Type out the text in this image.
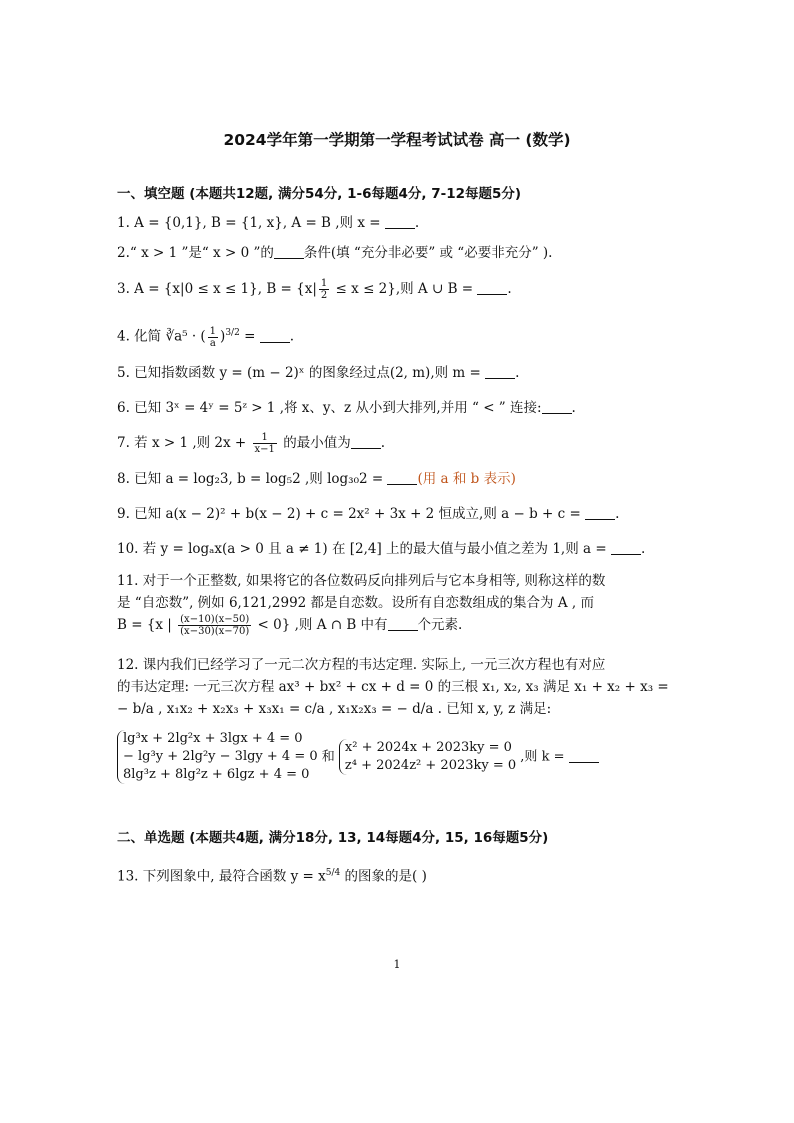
2024学年第一学期第一学程考试试卷 高一 (数学)
一、填空题 (本题共12题, 满分54分, 1-6每题4分, 7-12每题5分)
1. A = {0,1}, B = {1, x}, A = B ,则 x = .
2.“ x > 1 ”是“ x > 0 ”的 条件(填 “充分非必要” 或 “必要非充分” ).
3. A = {x|0 ≤ x ≤ 1}, $B = \{x| \frac{1}{2} \le x \le 2\}$,则 A ∪ B = .
4. 化简 ∛a⁵ · ( $\frac{1}{a} )^{3/2}$ = .
5. 已知指数函数 y = (m − 2)ˣ 的图象经过点(2, m),则 m = .
6. 已知 3ˣ = 4ʸ = 5ᶻ > 1 ,将 x、y、z 从小到大排列,并用 “ < ” 连接: .
7. 若 x > 1 ,则 $2x + \frac{1}{x-1}$ 的最小值为 .
8. 已知 a = log₂3, b = log₅2 ,则 log₃₀2 = (用 a 和 b 表示)
9. 已知 a(x − 2)² + b(x − 2) + c = 2x² + 3x + 2 恒成立,则 a − b + c = .
10. 若 y = logₐx(a > 0 且 a ≠ 1) 在 [2,4] 上的最大值与最小值之差为 1,则 a = .
11. 对于一个正整数, 如果将它的各位数码反向排列后与它本身相等, 则称这样的数
是 “自恋数”, 例如 6,121,2992 都是自恋数。设所有自恋数组成的集合为 A , 而
B = {x | $\frac{(x-10)(x-50)}{(x-30)(x-70)} < 0$} ,则 A ∩ B 中有 个元素.
12. 课内我们已经学习了一元二次方程的韦达定理. 实际上, 一元三次方程也有对应
的韦达定理: 一元三次方程 ax³ + bx² + cx + d = 0 的三根 x₁, x₂, x₃ 满足 x₁ + x₂ + x₃ =
− b/a , x₁x₂ + x₂x₃ + x₃x₁ = c/a , x₁x₂x₃ = − d/a . 已知 x, y, z 满足:
lg³x + 2lg²x + 3lgx + 4 = 0
− lg³y + 2lg²y − 3lgy + 4 = 0
8lg³z + 8lg²z + 6lgz + 4 = 0
和
x² + 2024x + 2023ky = 0
z⁴ + 2024z² + 2023ky = 0
,则 k =
二、单选题 (本题共4题, 满分18分, 13, 14每题4分, 15, 16每题5分)
13. 下列图象中, 最符合函数 $y = x^{5/4}$ 的图象的是( )
1
